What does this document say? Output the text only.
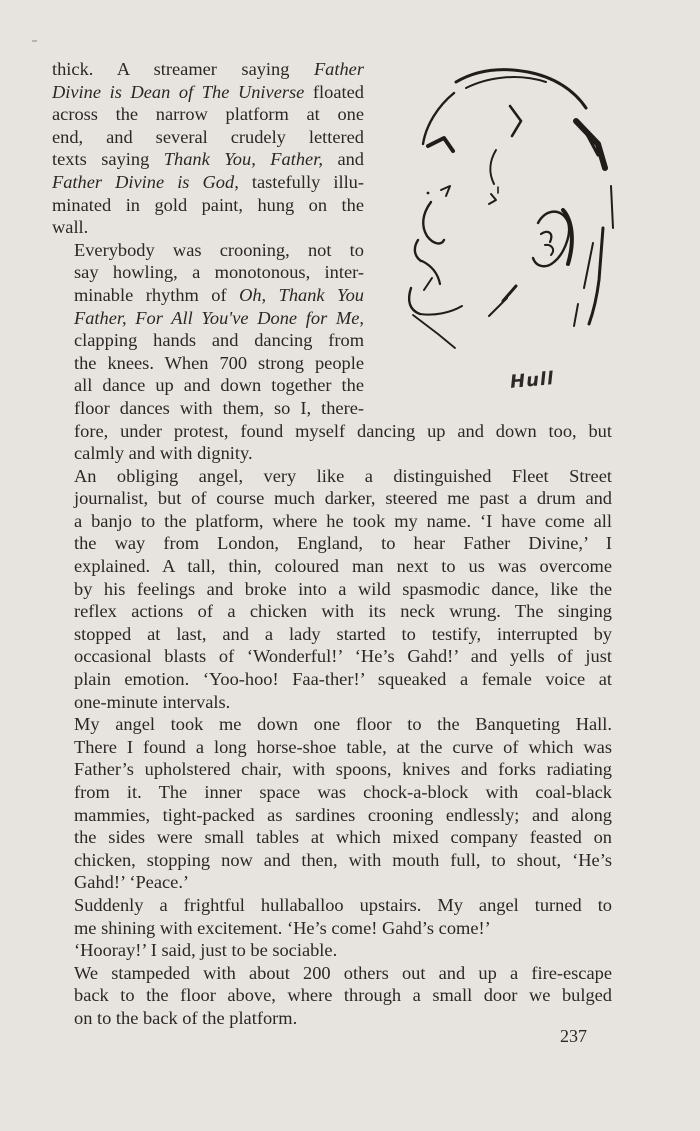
thick. A streamer saying Father
Divine is Dean of The Universe floated
across the narrow platform at one
end, and several crudely lettered
texts saying Thank You, Father, and
Father Divine is God, tastefully illu-
minated in gold paint, hung on the
wall.

Everybody was crooning, not to
say howling, a monotonous, inter-
minable rhythm of Oh, Thank You
Father, For All You've Done for Me,
clapping hands and dancing from
the knees. When 700 strong people
all dance up and down together the
floor dances with them, so I, there-
fore, under protest, found myself dancing up and down too, but
calmly and with dignity.

An obliging angel, very like a distinguished Fleet Street
journalist, but of course much darker, steered me past a drum and
a banjo to the platform, where he took my name. ‘I have come all
the way from London, England, to hear Father Divine,’ I
explained. A tall, thin, coloured man next to us was overcome
by his feelings and broke into a wild spasmodic dance, like the
reflex actions of a chicken with its neck wrung. The singing
stopped at last, and a lady started to testify, interrupted by
occasional blasts of ‘Wonderful!’ ‘He’s Gahd!’ and yells of just
plain emotion. ‘Yoo-hoo! Faa-ther!’ squeaked a female voice at
one-minute intervals.

My angel took me down one floor to the Banqueting Hall.
There I found a long horse-shoe table, at the curve of which was
Father’s upholstered chair, with spoons, knives and forks radiating
from it. The inner space was chock-a-block with coal-black
mammies, tight-packed as sardines crooning endlessly; and along
the sides were small tables at which mixed company feasted on
chicken, stopping now and then, with mouth full, to shout, ‘He’s
Gahd!’ ‘Peace.’

Suddenly a frightful hullaballoo upstairs. My angel turned to
me shining with excitement. ‘He’s come! Gahd’s come!’

‘Hooray!’ I said, just to be sociable.

We stampeded with about 200 others out and up a fire-escape
back to the floor above, where through a small door we bulged
on to the back of the platform.

Hull
237
